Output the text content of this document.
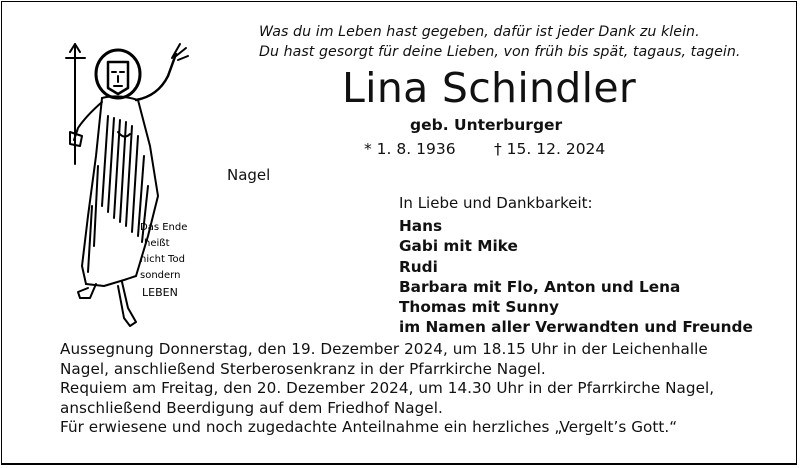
Das Ende
heißt
nicht Tod
sondern
LEBEN
Was du im Leben hast gegeben, dafür ist jeder Dank zu klein.
Du hast gesorgt für deine Lieben, von früh bis spät, tagaus, tagein.
Lina Schindler
geb. Unterburger
* 1. 8. 1936 † 15. 12. 2024
Nagel
In Liebe und Dankbarkeit:
Hans
Gabi mit Mike
Rudi
Barbara mit Flo, Anton und Lena
Thomas mit Sunny
im Namen aller Verwandten und Freunde
Aussegnung Donnerstag, den 19. Dezember 2024, um 18.15 Uhr in der Leichenhalle
Nagel, anschließend Sterberosenkranz in der Pfarrkirche Nagel.
Requiem am Freitag, den 20. Dezember 2024, um 14.30 Uhr in der Pfarrkirche Nagel,
anschließend Beerdigung auf dem Friedhof Nagel.
Für erwiesene und noch zugedachte Anteilnahme ein herzliches „Vergelt’s Gott.“
